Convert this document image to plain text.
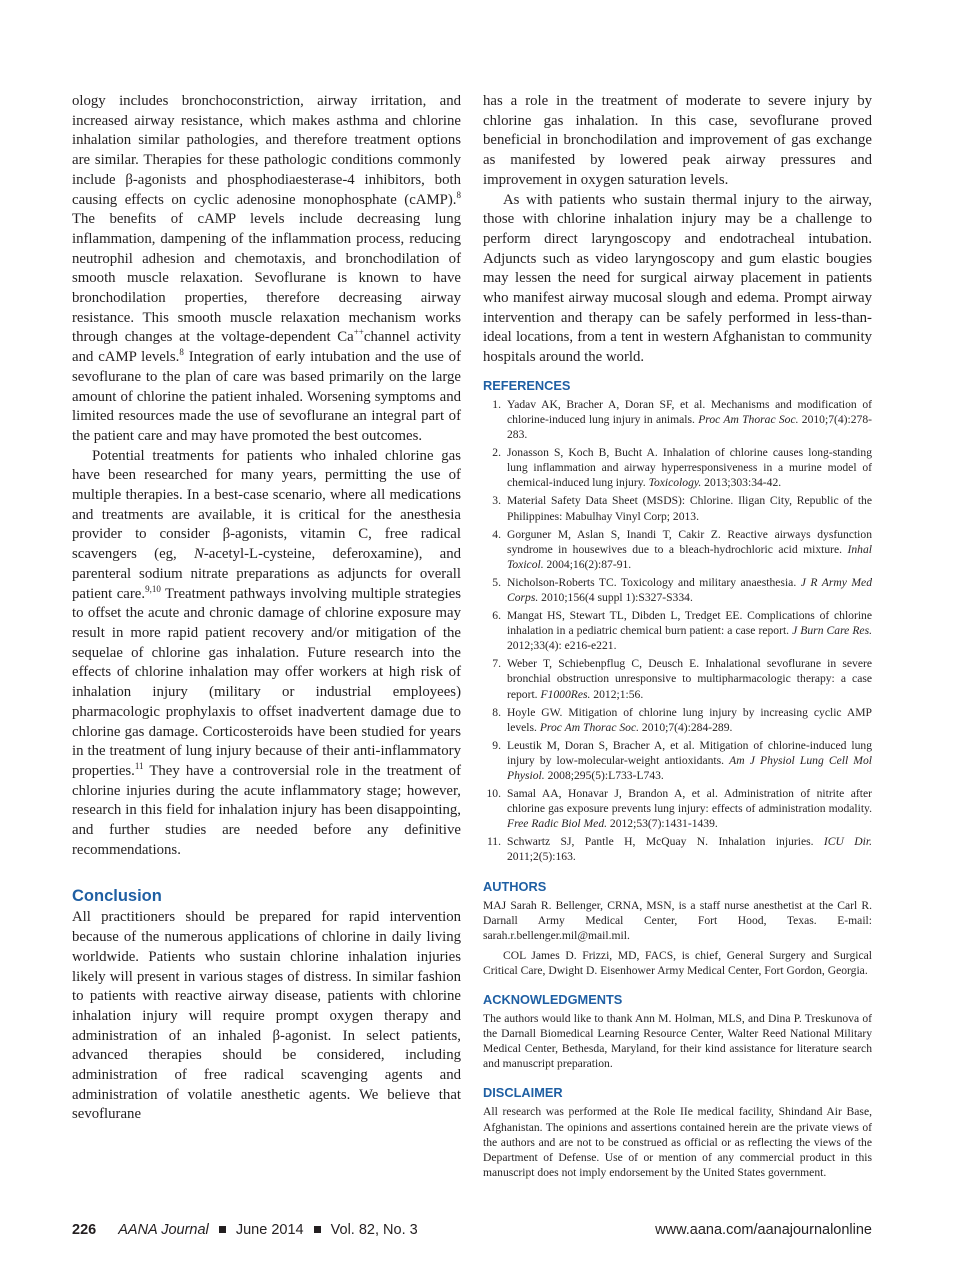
ology includes bronchoconstriction, airway irritation, and increased airway resistance, which makes asthma and chlorine inhalation similar pathologies, and therefore treatment options are similar. Therapies for these pathologic conditions commonly include β-agonists and phosphodiaesterase-4 inhibitors, both causing effects on cyclic adenosine monophosphate (cAMP).$^8$ The benefits of cAMP levels include decreasing lung inflammation, dampening of the inflammation process, reducing neutrophil adhesion and chemotaxis, and bronchodilation of smooth muscle relaxation. Sevoflurane is known to have bronchodilation properties, therefore decreasing airway resistance. This smooth muscle relaxation mechanism works through changes at the voltage-dependent Ca++channel activity and cAMP levels.$^8$ Integration of early intubation and the use of sevoflurane to the plan of care was based primarily on the large amount of chlorine the patient inhaled. Worsening symptoms and limited resources made the use of sevoflurane an integral part of the patient care and may have promoted the best outcomes.

Potential treatments for patients who inhaled chlorine gas have been researched for many years, permitting the use of multiple therapies. In a best-case scenario, where all medications and treatments are available, it is critical for the anesthesia provider to consider β-agonists, vitamin C, free radical scavengers (eg, N-acetyl-L-cysteine, deferoxamine), and parenteral sodium nitrate preparations as adjuncts for overall patient care.$^{9,10}$ Treatment pathways involving multiple strategies to offset the acute and chronic damage of chlorine exposure may result in more rapid patient recovery and/or mitigation of the sequelae of chlorine gas inhalation. Future research into the effects of chlorine inhalation may offer workers at high risk of inhalation injury (military or industrial employees) pharmacologic prophylaxis to offset inadvertent damage due to chlorine gas damage. Corticosteroids have been studied for years in the treatment of lung injury because of their anti-inflammatory properties.$^{11}$ They have a controversial role in the treatment of chlorine injuries during the acute inflammatory stage; however, research in this field for inhalation injury has been disappointing, and further studies are needed before any definitive recommendations.

Conclusion

All practitioners should be prepared for rapid intervention because of the numerous applications of chlorine in daily living worldwide. Patients who sustain chlorine inhalation injuries likely will present in various stages of distress. In similar fashion to patients with reactive airway disease, patients with chlorine inhalation injury will require prompt oxygen therapy and administration of an inhaled β-agonist. In select patients, advanced therapies should be considered, including administration of free radical scavenging agents and administration of volatile anesthetic agents. We believe that sevoflurane

has a role in the treatment of moderate to severe injury by chlorine gas inhalation. In this case, sevoflurane proved beneficial in bronchodilation and improvement of gas exchange as manifested by lowered peak airway pressures and improvement in oxygen saturation levels.

As with patients who sustain thermal injury to the airway, those with chlorine inhalation injury may be a challenge to perform direct laryngoscopy and endotracheal intubation. Adjuncts such as video laryngoscopy and gum elastic bougies may lessen the need for surgical airway placement in patients who manifest airway mucosal slough and edema. Prompt airway intervention and therapy can be safely performed in less-than-ideal locations, from a tent in western Afghanistan to community hospitals around the world.

REFERENCES
1. Yadav AK, Bracher A, Doran SF, et al. Mechanisms and modification of chlorine-induced lung injury in animals. Proc Am Thorac Soc. 2010;7(4):278-283.
2. Jonasson S, Koch B, Bucht A. Inhalation of chlorine causes long-standing lung inflammation and airway hyperresponsiveness in a murine model of chemical-induced lung injury. Toxicology. 2013;303:34-42.
3. Material Safety Data Sheet (MSDS): Chlorine. Iligan City, Republic of the Philippines: Mabulhay Vinyl Corp; 2013.
4. Gorguner M, Aslan S, Inandi T, Cakir Z. Reactive airways dysfunction syndrome in housewives due to a bleach-hydrochloric acid mixture. Inhal Toxicol. 2004;16(2):87-91.
5. Nicholson-Roberts TC. Toxicology and military anaesthesia. J R Army Med Corps. 2010;156(4 suppl 1):S327-S334.
6. Mangat HS, Stewart TL, Dibden L, Tredget EE. Complications of chlorine inhalation in a pediatric chemical burn patient: a case report. J Burn Care Res. 2012;33(4): e216-e221.
7. Weber T, Schiebenpflug C, Deusch E. Inhalational sevoflurane in severe bronchial obstruction unresponsive to multipharmacologic therapy: a case report. F1000Res. 2012;1:56.
8. Hoyle GW. Mitigation of chlorine lung injury by increasing cyclic AMP levels. Proc Am Thorac Soc. 2010;7(4):284-289.
9. Leustik M, Doran S, Bracher A, et al. Mitigation of chlorine-induced lung injury by low-molecular-weight antioxidants. Am J Physiol Lung Cell Mol Physiol. 2008;295(5):L733-L743.
10. Samal AA, Honavar J, Brandon A, et al. Administration of nitrite after chlorine gas exposure prevents lung injury: effects of administration modality. Free Radic Biol Med. 2012;53(7):1431-1439.
11. Schwartz SJ, Pantle H, McQuay N. Inhalation injuries. ICU Dir. 2011;2(5):163.
AUTHORS

MAJ Sarah R. Bellenger, CRNA, MSN, is a staff nurse anesthetist at the Carl R. Darnall Army Medical Center, Fort Hood, Texas. E-mail: sarah.r.bellenger.mil@mail.mil.

COL James D. Frizzi, MD, FACS, is chief, General Surgery and Surgical Critical Care, Dwight D. Eisenhower Army Medical Center, Fort Gordon, Georgia.

ACKNOWLEDGMENTS

The authors would like to thank Ann M. Holman, MLS, and Dina P. Treskunova of the Darnall Biomedical Learning Resource Center, Walter Reed National Military Medical Center, Bethesda, Maryland, for their kind assistance for literature search and manuscript preparation.

DISCLAIMER

All research was performed at the Role IIe medical facility, Shindand Air Base, Afghanistan. The opinions and assertions contained herein are the private views of the authors and are not to be construed as official or as reflecting the views of the Department of Defense. Use of or mention of any commercial product in this manuscript does not imply endorsement by the United States government.

226 AANA Journal June 2014 Vol. 82, No. 3	www.aana.com/aanajournalonline
